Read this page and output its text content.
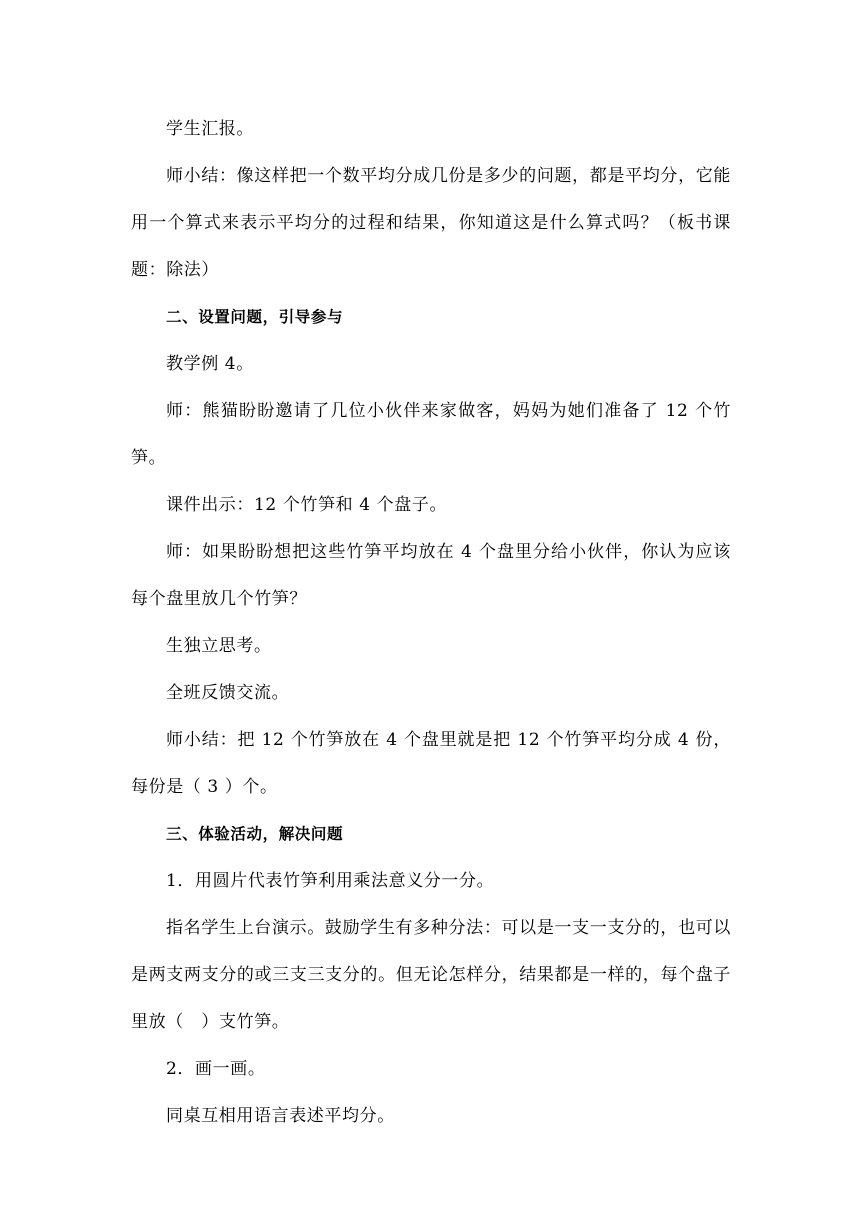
学生汇报。

师小结：像这样把一个数平均分成几份是多少的问题，都是平均分，它能用一个算式来表示平均分的过程和结果，你知道这是什么算式吗？（板书课题：除法）

二、设置问题，引导参与

教学例 4。

师：熊猫盼盼邀请了几位小伙伴来家做客，妈妈为她们准备了 12 个竹笋。

课件出示：12 个竹笋和 4 个盘子。

师：如果盼盼想把这些竹笋平均放在 4 个盘里分给小伙伴，你认为应该每个盘里放几个竹笋？

生独立思考。

全班反馈交流。

师小结：把 12 个竹笋放在 4 个盘里就是把 12 个竹笋平均分成 4 份，每份是（ 3 ）个。

三、体验活动，解决问题

1．用圆片代表竹笋利用乘法意义分一分。

指名学生上台演示。鼓励学生有多种分法：可以是一支一支分的，也可以是两支两支分的或三支三支分的。但无论怎样分，结果都是一样的，每个盘子里放（　）支竹笋。

2．画一画。

同桌互相用语言表述平均分。
